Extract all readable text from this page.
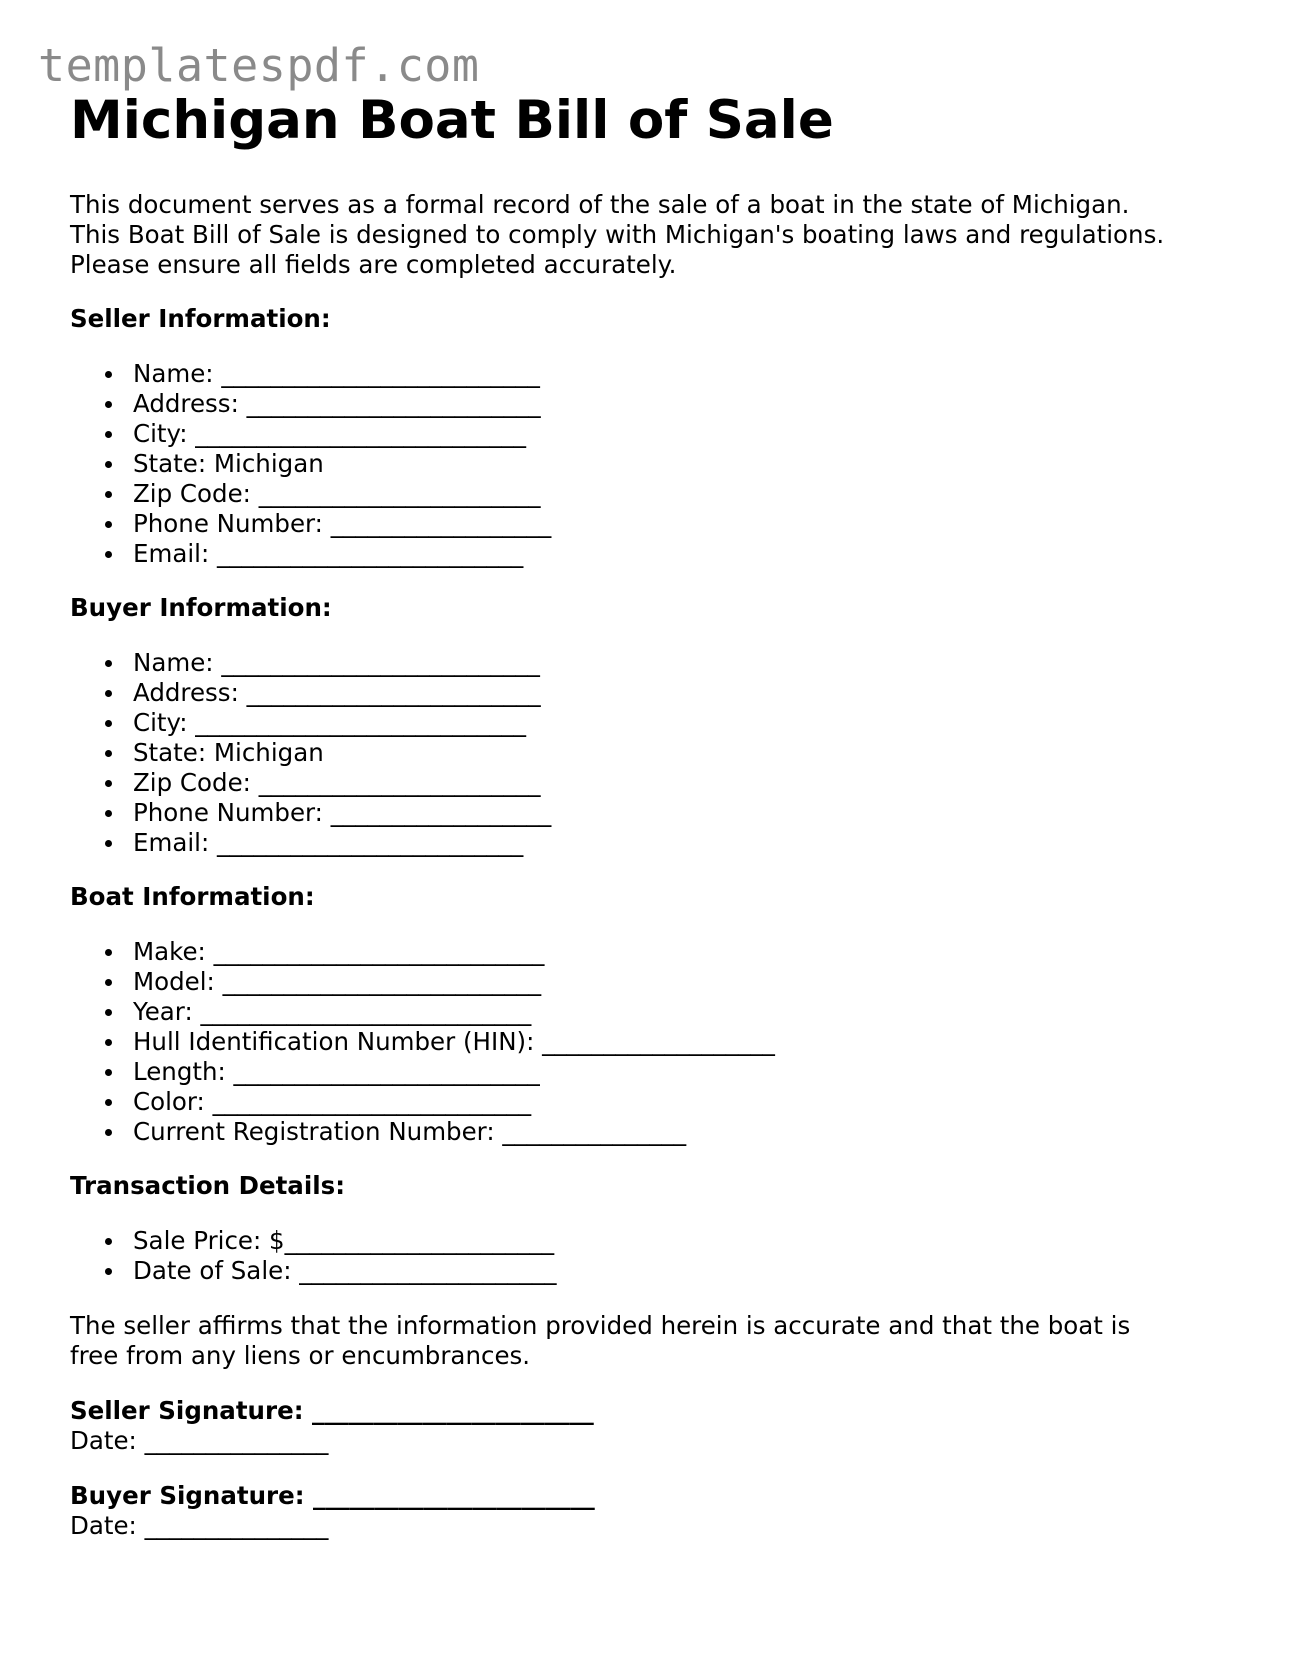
templatespdf.com
Michigan Boat Bill of Sale

This document serves as a formal record of the sale of a boat in the state of Michigan.
This Boat Bill of Sale is designed to comply with Michigan's boating laws and regulations.
Please ensure all fields are completed accurately.

Seller Information:
Name: __________________________
Address: ________________________
City: ___________________________
State: Michigan
Zip Code: _______________________
Phone Number: __________________
Email: _________________________
Buyer Information:
Name: __________________________
Address: ________________________
City: ___________________________
State: Michigan
Zip Code: _______________________
Phone Number: __________________
Email: _________________________
Boat Information:
Make: ___________________________
Model: __________________________
Year: ___________________________
Hull Identification Number (HIN): ___________________
Length: _________________________
Color: __________________________
Current Registration Number: _______________
Transaction Details:
Sale Price: $______________________
Date of Sale: _____________________

The seller affirms that the information provided herein is accurate and that the boat is
free from any liens or encumbrances.

Seller Signature: _______________________
Date: _______________
Buyer Signature: _______________________
Date: _______________
